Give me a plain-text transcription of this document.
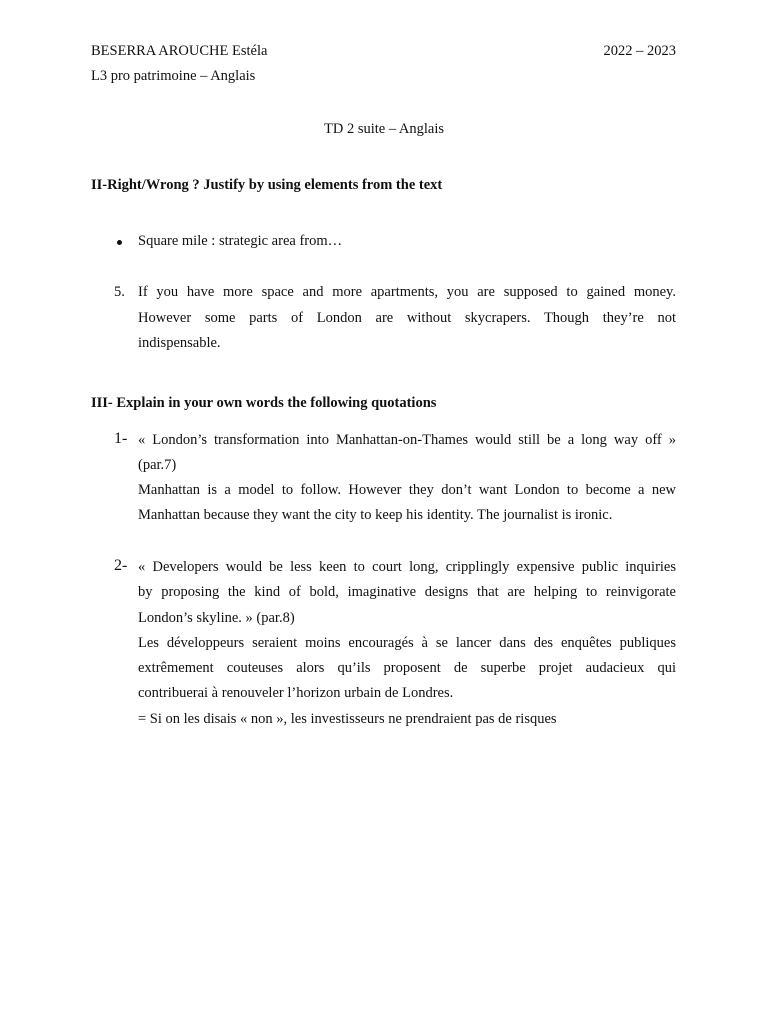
BESERRA AROUCHE Estéla	2022 – 2023
L3 pro patrimoine – Anglais
TD 2 suite – Anglais
II-Right/Wrong ? Justify by using elements from the text
Square mile : strategic area from…
5. If you have more space and more apartments, you are supposed to gained money.
However some parts of London are without skycrapers. Though they’re not
indispensable.
III- Explain in your own words the following quotations
1- « London’s transformation into Manhattan-on-Thames would still be a long way off »
(par.7)
Manhattan is a model to follow. However they don’t want London to become a new
Manhattan because they want the city to keep his identity. The journalist is ironic.
2- « Developers would be less keen to court long, cripplingly expensive public inquiries
by proposing the kind of bold, imaginative designs that are helping to reinvigorate
London’s skyline. » (par.8)
Les développeurs seraient moins encouragés à se lancer dans des enquêtes publiques
extrêmement couteuses alors qu’ils proposent de superbe projet audacieux qui
contribuerai à renouveler l’horizon urbain de Londres.
= Si on les disais « non », les investisseurs ne prendraient pas de risques
